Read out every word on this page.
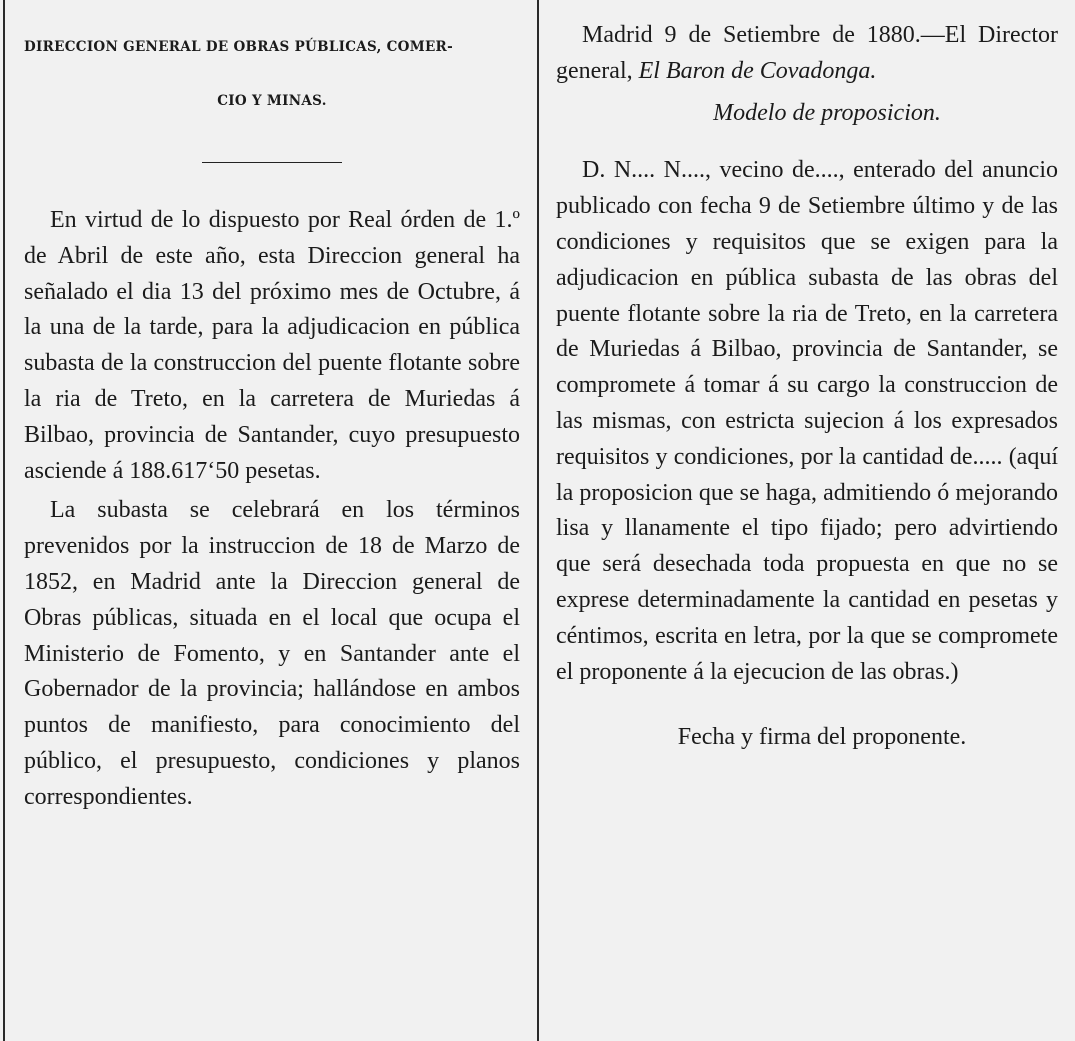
DIRECCION GENERAL DE OBRAS PÚBLICAS, COMER-
CIO Y MINAS.

En virtud de lo dispuesto por Real órden de 1.º de Abril de este año, esta Direccion general ha señalado el dia 13 del próximo mes de Octubre, á la una de la tarde, para la adjudicacion en pública subasta de la construccion del puente flotante sobre la ria de Treto, en la carretera de Muriedas á Bilbao, provincia de Santander, cuyo presupuesto asciende á 188.617‘50 pesetas.

La subasta se celebrará en los términos prevenidos por la instruccion de 18 de Marzo de 1852, en Madrid ante la Direccion general de Obras públicas, situada en el local que ocupa el Ministerio de Fomento, y en Santander ante el Gobernador de la provincia; hallándose en ambos puntos de manifiesto, para conocimiento del público, el presupuesto, condiciones y planos correspondientes.

Madrid 9 de Setiembre de 1880.—El Director general, El Baron de Covadonga.

Modelo de proposicion.

D. N.... N...., vecino de...., enterado del anuncio publicado con fecha 9 de Setiembre último y de las condiciones y requisitos que se exigen para la adjudicacion en pública subasta de las obras del puente flotante sobre la ria de Treto, en la carretera de Muriedas á Bilbao, provincia de Santander, se compromete á tomar á su cargo la construccion de las mismas, con estricta sujecion á los expresados requisitos y condiciones, por la cantidad de..... (aquí la proposicion que se haga, admitiendo ó mejorando lisa y llanamente el tipo fijado; pero advirtiendo que será desechada toda propuesta en que no se exprese determinadamente la cantidad en pesetas y céntimos, escrita en letra, por la que se compromete el proponente á la ejecucion de las obras.)

Fecha y firma del proponente.
